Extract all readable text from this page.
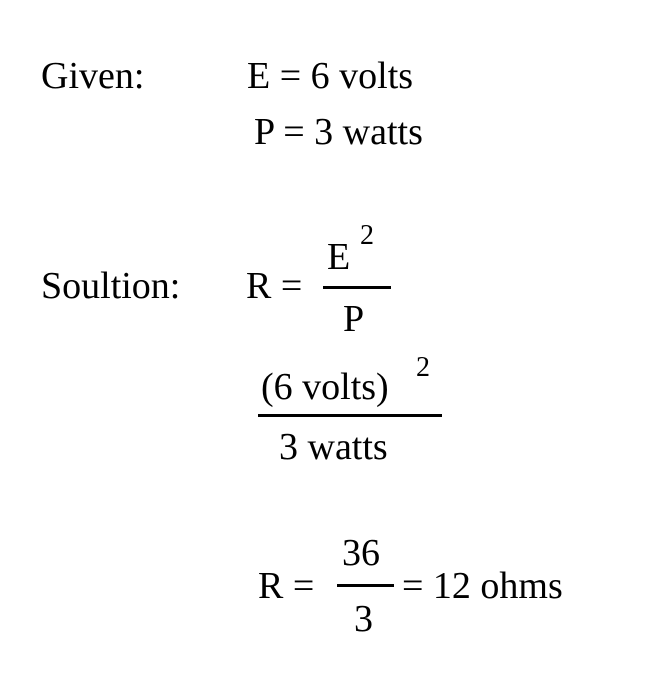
Given:	E = 6 volts
P = 3 watts
Soultion: R =
E
2
P
(6 volts) 2
3 watts
R =
36
3
= 12 ohms
